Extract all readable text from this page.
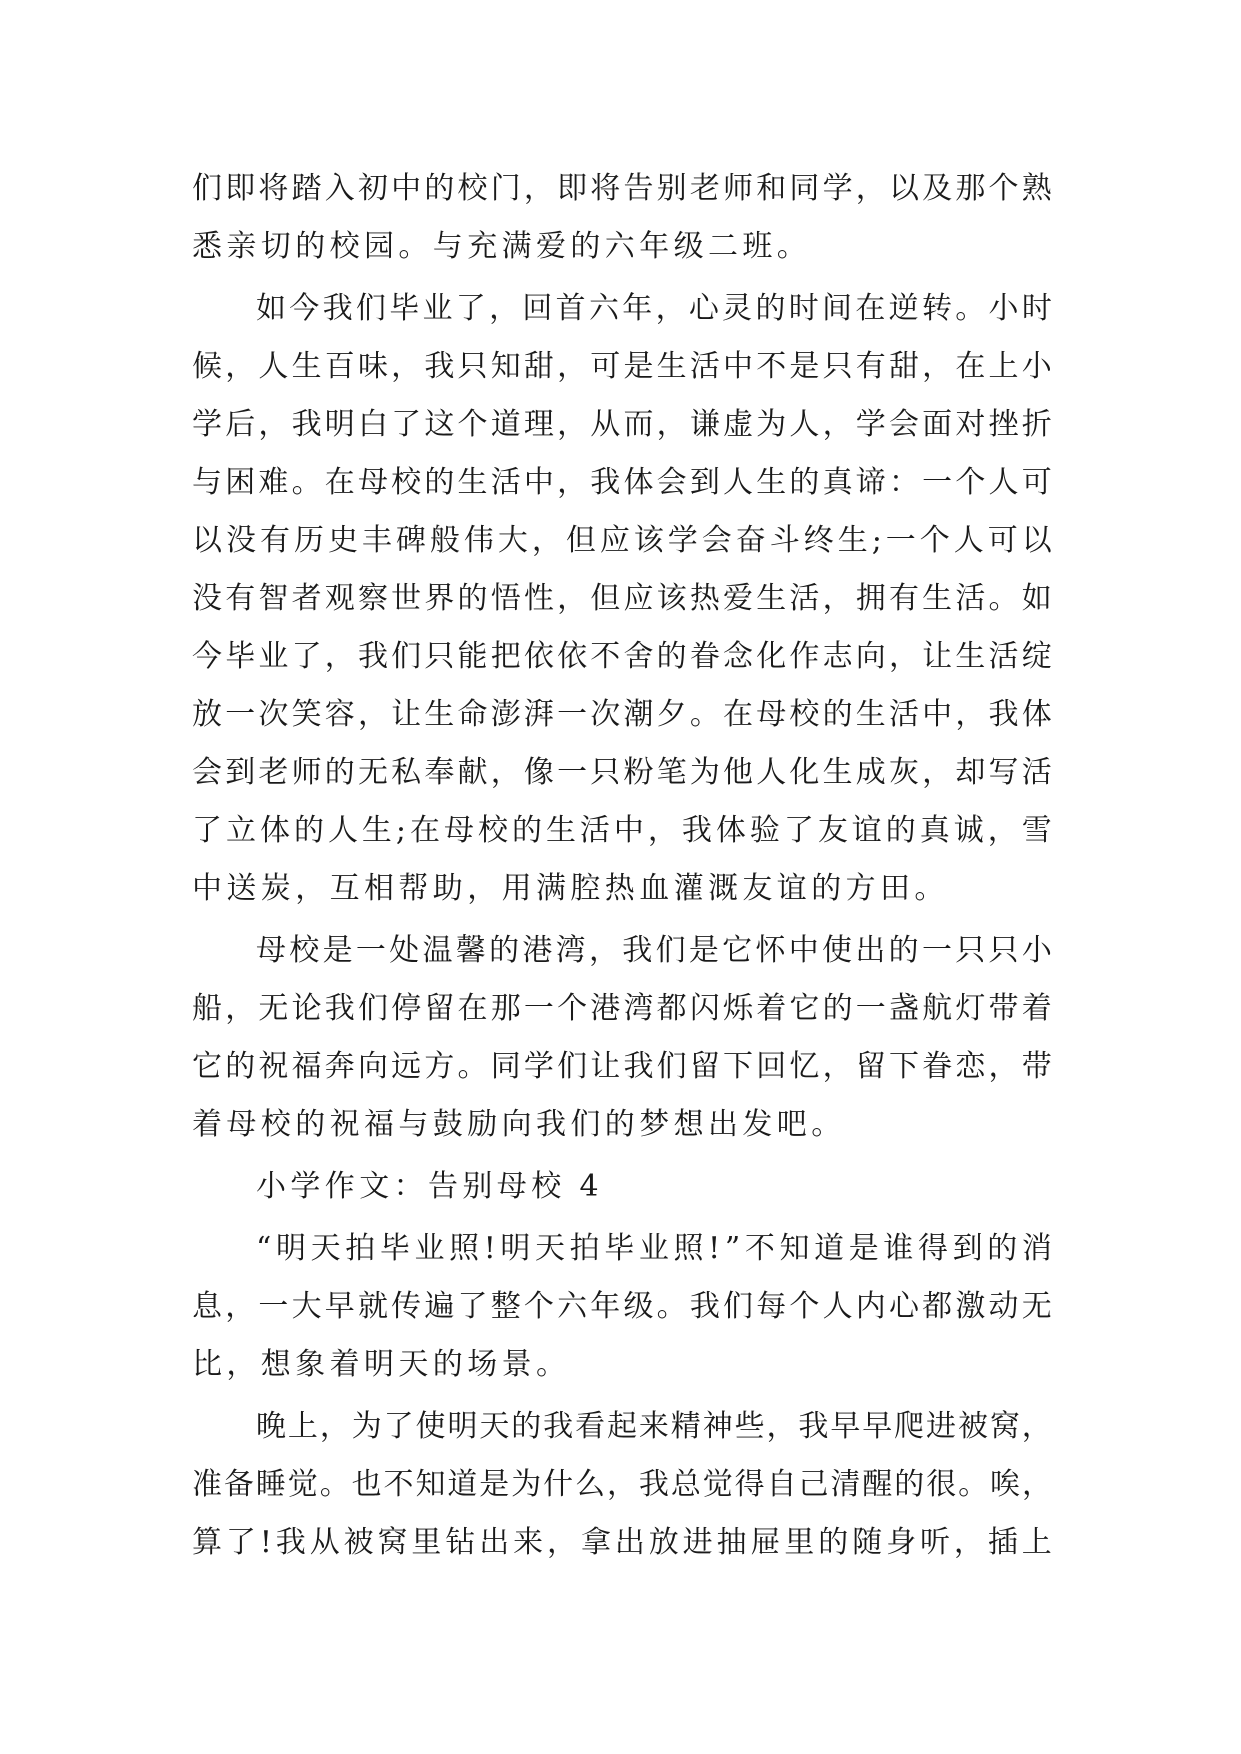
们 即 将 踏 入 初 中 的 校 门 ， 即 将 告 别 老 师 和 同 学 ， 以 及 那 个 熟
悉亲切的校园。与充满爱的六年级二班。
如 今 我 们 毕 业 了 ， 回 首 六 年 ， 心 灵 的 时 间 在 逆 转 。 小 时
候 ， 人 生 百 味 ， 我 只 知 甜 ， 可 是 生 活 中 不 是 只 有 甜 ， 在 上 小
学 后 ， 我 明 白 了 这 个 道 理 ， 从 而 ， 谦 虚 为 人 ， 学 会 面 对 挫 折
与 困 难 。 在 母 校 的 生 活 中 ， 我 体 会 到 人 生 的 真 谛 ： 一 个 人 可
以 没 有 历 史 丰 碑 般 伟 大 ， 但 应 该 学 会 奋 斗 终 生 ; 一 个 人 可 以
没 有 智 者 观 察 世 界 的 悟 性 ， 但 应 该 热 爱 生 活 ， 拥 有 生 活 。 如
今 毕 业 了 ， 我 们 只 能 把 依 依 不 舍 的 眷 念 化 作 志 向 ， 让 生 活 绽
放 一 次 笑 容 ， 让 生 命 澎 湃 一 次 潮 夕 。 在 母 校 的 生 活 中 ， 我 体
会 到 老 师 的 无 私 奉 献 ， 像 一 只 粉 笔 为 他 人 化 生 成 灰 ， 却 写 活
了 立 体 的 人 生 ; 在 母 校 的 生 活 中 ， 我 体 验 了 友 谊 的 真 诚 ， 雪
中送炭，互相帮助，用满腔热血灌溉友谊的方田。
母 校 是 一 处 温 馨 的 港 湾 ， 我 们 是 它 怀 中 使 出 的 一 只 只 小
船 ， 无 论 我 们 停 留 在 那 一 个 港 湾 都 闪 烁 着 它 的 一 盏 航 灯 带 着
它 的 祝 福 奔 向 远 方 。 同 学 们 让 我 们 留 下 回 忆 ， 留 下 眷 恋 ， 带
着母校的祝福与鼓励向我们的梦想出发吧。
小学作文：告别母校 4
“ 明 天 拍 毕 业 照 ! 明 天 拍 毕 业 照 ! ” 不 知 道 是 谁 得 到 的 消
息 ， 一 大 早 就 传 遍 了 整 个 六 年 级 。 我 们 每 个 人 内 心 都 激 动 无
比，想象着明天的场景。
晚 上 ， 为 了 使 明 天 的 我 看 起 来 精 神 些 ， 我 早 早 爬 进 被 窝 ，
准 备 睡 觉 。 也 不 知 道 是 为 什 么 ， 我 总 觉 得 自 己 清 醒 的 很 。 唉 ，
算 了 ! 我 从 被 窝 里 钻 出 来 ， 拿 出 放 进 抽 屉 里 的 随 身 听 ， 插 上
